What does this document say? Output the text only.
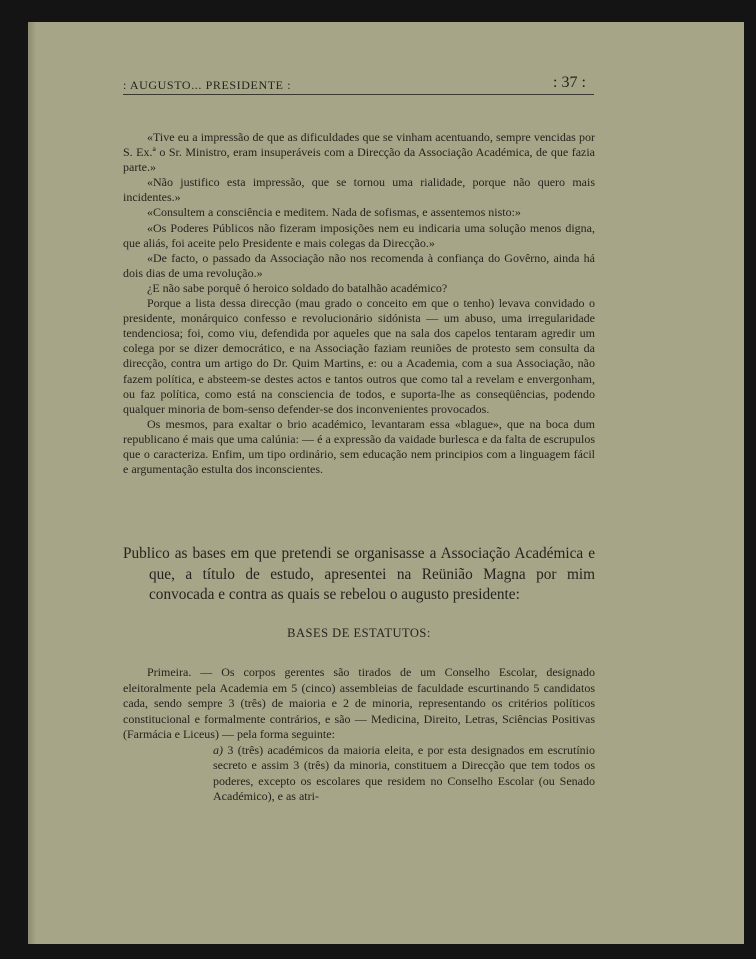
: AUGUSTO... PRESIDENTE :	: 37 :

«Tive eu a impressão de que as dificuldades que se vinham acentuando, sempre vencidas por S. Ex.ª o Sr. Ministro, eram insuperáveis com a Direcção da Associação Académica, de que fazia parte.»

«Não justifico esta impressão, que se tornou uma rialidade, porque não quero mais incidentes.»

«Consultem a consciência e meditem. Nada de sofismas, e assentemos nisto:»

«Os Poderes Públicos não fizeram imposições nem eu indicaria uma solução menos digna, que aliás, foi aceite pelo Presidente e mais colegas da Direcção.»

«De facto, o passado da Associação não nos recomenda à confiança do Govêrno, ainda há dois dias de uma revolução.»

¿E não sabe porquê ó heroico soldado do batalhão académico?

Porque a lista dessa direcção (mau grado o conceito em que o tenho) levava convidado o presidente, monárquico confesso e revolucionário sidónista — um abuso, uma irregularidade tendenciosa; foi, como viu, defendida por aqueles que na sala dos capelos tentaram agredir um colega por se dizer democrático, e na Associação faziam reuniões de protesto sem consulta da direcção, contra um artigo do Dr. Quim Martins, e: ou a Academia, com a sua Associação, não fazem política, e absteem-se destes actos e tantos outros que como tal a revelam e envergonham, ou faz política, como está na consciencia de todos, e suporta-lhe as conseqüências, podendo qualquer minoria de bom-senso defender-se dos inconvenientes provocados.

Os mesmos, para exaltar o brio académico, levantaram essa «blague», que na boca dum republicano é mais que uma calúnia: — é a expressão da vaidade burlesca e da falta de escrupulos que o caracteriza. Enfim, um tipo ordinário, sem educação nem principios com a linguagem fácil e argumentação estulta dos inconscientes.

Publico as bases em que pretendi se organisasse a Associação Académica e que, a título de estudo, apresentei na Reünião Magna por mim convocada e contra as quais se rebelou o augusto presidente:

BASES DE ESTATUTOS:

Primeira. — Os corpos gerentes são tirados de um Conselho Escolar, designado eleitoralmente pela Academia em 5 (cinco) assembleias de faculdade escurtinando 5 candidatos cada, sendo sempre 3 (três) de maioria e 2 de minoria, representando os critérios políticos constitucional e formalmente contrários, e são — Medicina, Direito, Letras, Sciências Positivas (Farmácia e Liceus) — pela forma seguinte:

a) 3 (três) académicos da maioria eleita, e por esta designados em escrutínio secreto e assim 3 (três) da minoria, constituem a Direcção que tem todos os poderes, excepto os escolares que residem no Conselho Escolar (ou Senado Académico), e as atri-
